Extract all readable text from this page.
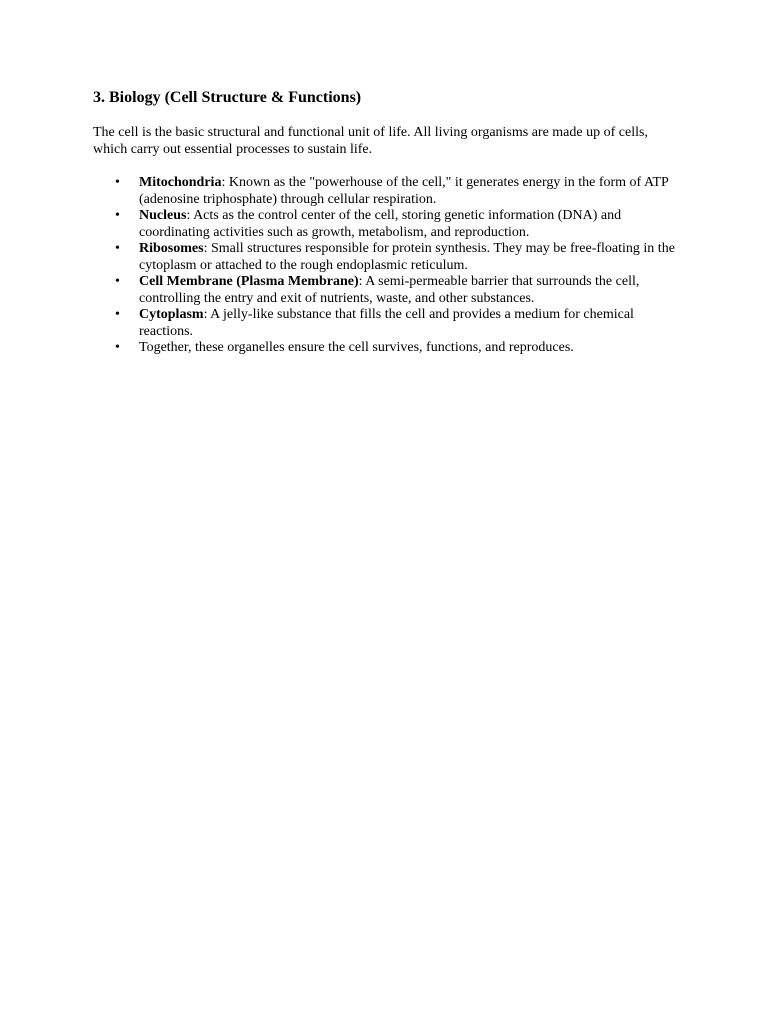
3. Biology (Cell Structure & Functions)

The cell is the basic structural and functional unit of life. All living organisms are made up of cells, which carry out essential processes to sustain life.

• Mitochondria: Known as the "powerhouse of the cell," it generates energy in the form of ATP (adenosine triphosphate) through cellular respiration.
• Nucleus: Acts as the control center of the cell, storing genetic information (DNA) and coordinating activities such as growth, metabolism, and reproduction.
• Ribosomes: Small structures responsible for protein synthesis. They may be free-floating in the cytoplasm or attached to the rough endoplasmic reticulum.
• Cell Membrane (Plasma Membrane): A semi-permeable barrier that surrounds the cell, controlling the entry and exit of nutrients, waste, and other substances.
• Cytoplasm: A jelly-like substance that fills the cell and provides a medium for chemical reactions.
• Together, these organelles ensure the cell survives, functions, and reproduces.
